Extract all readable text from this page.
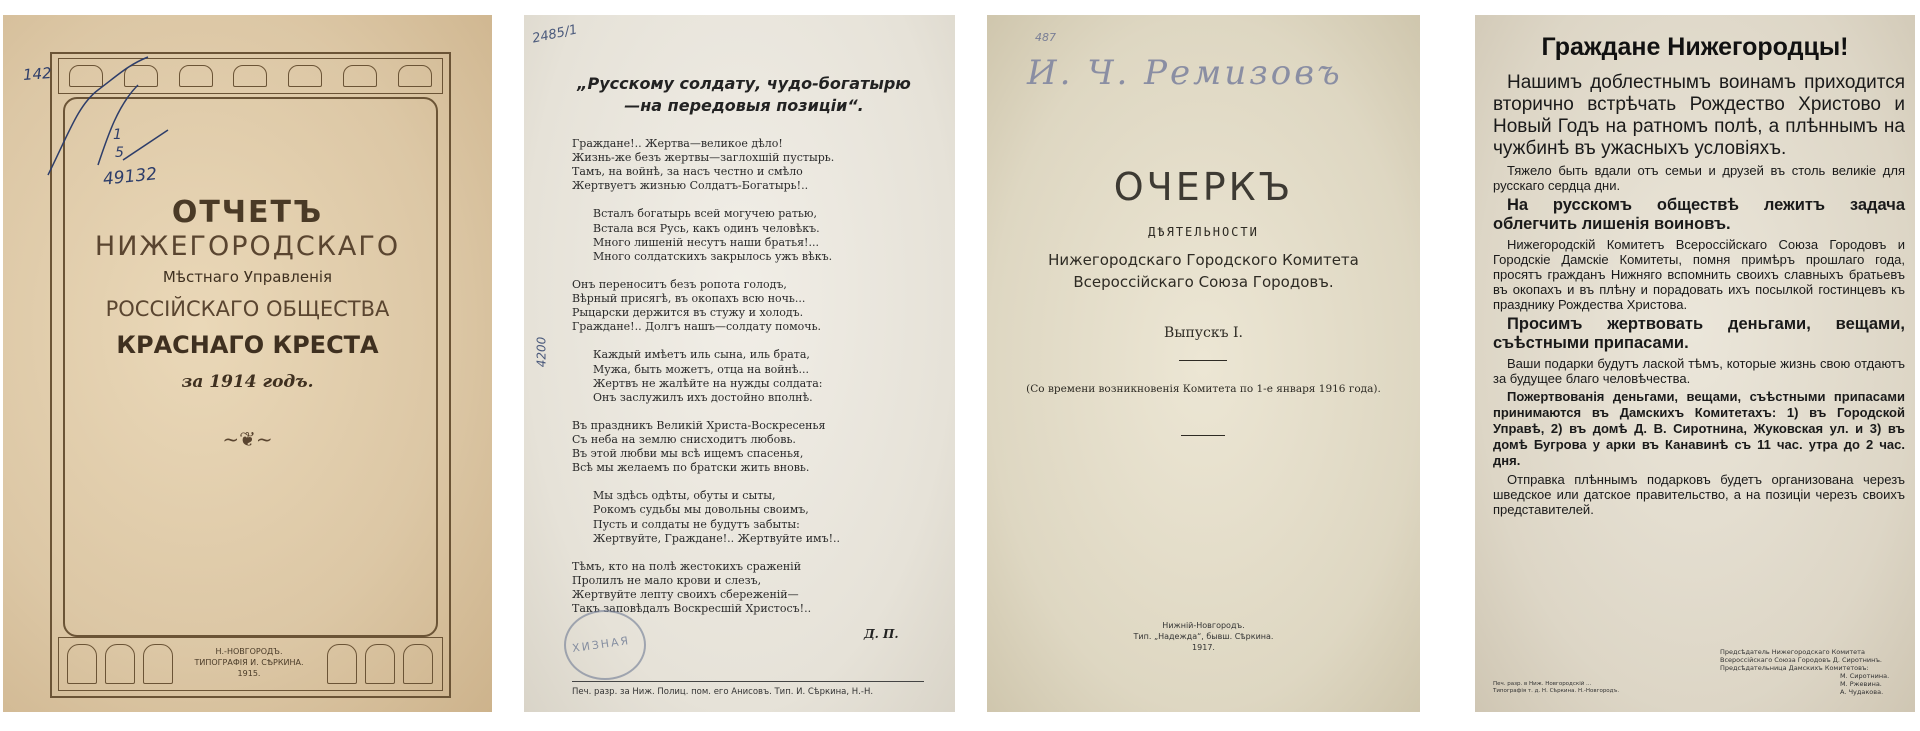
142
1
5
49132
ОТЧЕТЪ
НИЖЕГОРОДСКАГО
Мѣстнаго Управленія
РОССІЙСКАГО ОБЩЕСТВА
КРАСНАГО КРЕСТА
за 1914 годъ.
~❦~
Н.-НОВГОРОДЪ.
ТИПОГРАФІЯ И. СѢРКИНА.
1915.
2485/1
4200
„Русскому солдату, чудо-богатырю
—на передовыя позиціи“.
Граждане!.. Жертва—великое дѣло!
Жизнь-же безъ жертвы—заглохшій пустырь.
Тамъ, на войнѣ, за насъ честно и смѣло
Жертвуетъ жизнью Солдатъ-Богатырь!..

Всталъ богатырь всей могучею ратью,
Встала вся Русь, какъ одинъ человѣкъ.
Много лишеній несутъ наши братья!...
Много солдатскихъ закрылось ужъ вѣкъ.

Онъ переноситъ безъ ропота голодъ,
Вѣрный присягѣ, въ окопахъ всю ночь...
Рыцарски держится въ стужу и холодъ.
Граждане!.. Долгъ нашъ—солдату помочь.

Каждый имѣетъ иль сына, иль брата,
Мужа, быть можетъ, отца на войнѣ...
Жертвъ не жалѣйте на нужды солдата:
Онъ заслужилъ ихъ достойно вполнѣ.

Въ праздникъ Великій Христа-Воскресенья
Съ неба на землю снисходитъ любовь.
Въ этой любви мы всѣ ищемъ спасенья,
Всѣ мы желаемъ по братски жить вновь.

Мы здѣсь одѣты, обуты и сыты,
Рокомъ судьбы мы довольны своимъ,
Пусть и солдаты не будутъ забыты:
Жертвуйте, Граждане!.. Жертвуйте имъ!..

Тѣмъ, кто на полѣ жестокихъ сраженій
Пролилъ не мало крови и слезъ,
Жертвуйте лепту своихъ сбереженій—
Такъ заповѣдалъ Воскресшій Христосъ!..
Д. П.
ХИЗНАЯ
Печ. разр. за Ниж. Полиц. пом. его Анисовъ. Тип. И. Сѣркина, Н.-Н.
487
И. Ч. Ремизовъ
ОЧЕРКЪ
ДѢЯТЕЛЬНОСТИ
Нижегородскаго Городского Комитета
Всероссійскаго Союза Городовъ.
Выпускъ I.
(Со времени возникновенія Комитета по 1-е января 1916 года).
Нижній-Новгородъ.
Тип. „Надежда“, бывш. Сѣркина.
1917.
Граждане Нижегородцы!

Нашимъ доблестнымъ воинамъ приходится вторично встрѣчать Рождество Христово и Новый Годъ на ратномъ полѣ, а плѣннымъ на чужбинѣ въ ужасныхъ условіяхъ.

Тяжело быть вдали отъ семьи и друзей въ столь великіе для русскаго сердца дни.

На русскомъ обществѣ лежитъ задача облегчить лишенія воиновъ.

Нижегородскій Комитетъ Всероссійскаго Союза Городовъ и Городскіе Дамскіе Комитеты, помня примѣръ прошлаго года, просятъ гражданъ Нижняго вспомнить своихъ славныхъ братьевъ въ окопахъ и въ плѣну и порадовать ихъ посылкой гостинцевъ къ празднику Рождества Христова.

Просимъ жертвовать деньгами, вещами, съѣстными припасами.

Ваши подарки будутъ лаской тѣмъ, которые жизнь свою отдаютъ за будущее благо человѣчества.

Пожертвованія деньгами, вещами, съѣстными припасами принимаются въ Дамскихъ Комитетахъ: 1) въ Городской Управѣ, 2) въ домѣ Д. В. Сиротнина, Жуковская ул. и 3) въ домѣ Бугрова у арки въ Канавинѣ съ 11 час. утра до 2 час. дня.

Отправка плѣннымъ подарковъ будетъ организована черезъ шведское или датское правительство, а на позиціи черезъ своихъ представителей.

Предсѣдатель Нижегородскаго Комитета
Всероссійскаго Союза Городовъ Д. Сиротнинъ.
Предсѣдательница Дамскихъ Комитетовъ:
М. Сиротнина.
М. Ржевина.
А. Чудакова.
Печ. разр. в Ниж. Новгородскій ...
Типографія т. д. Н. Сѣркина. Н.-Новгородъ.
